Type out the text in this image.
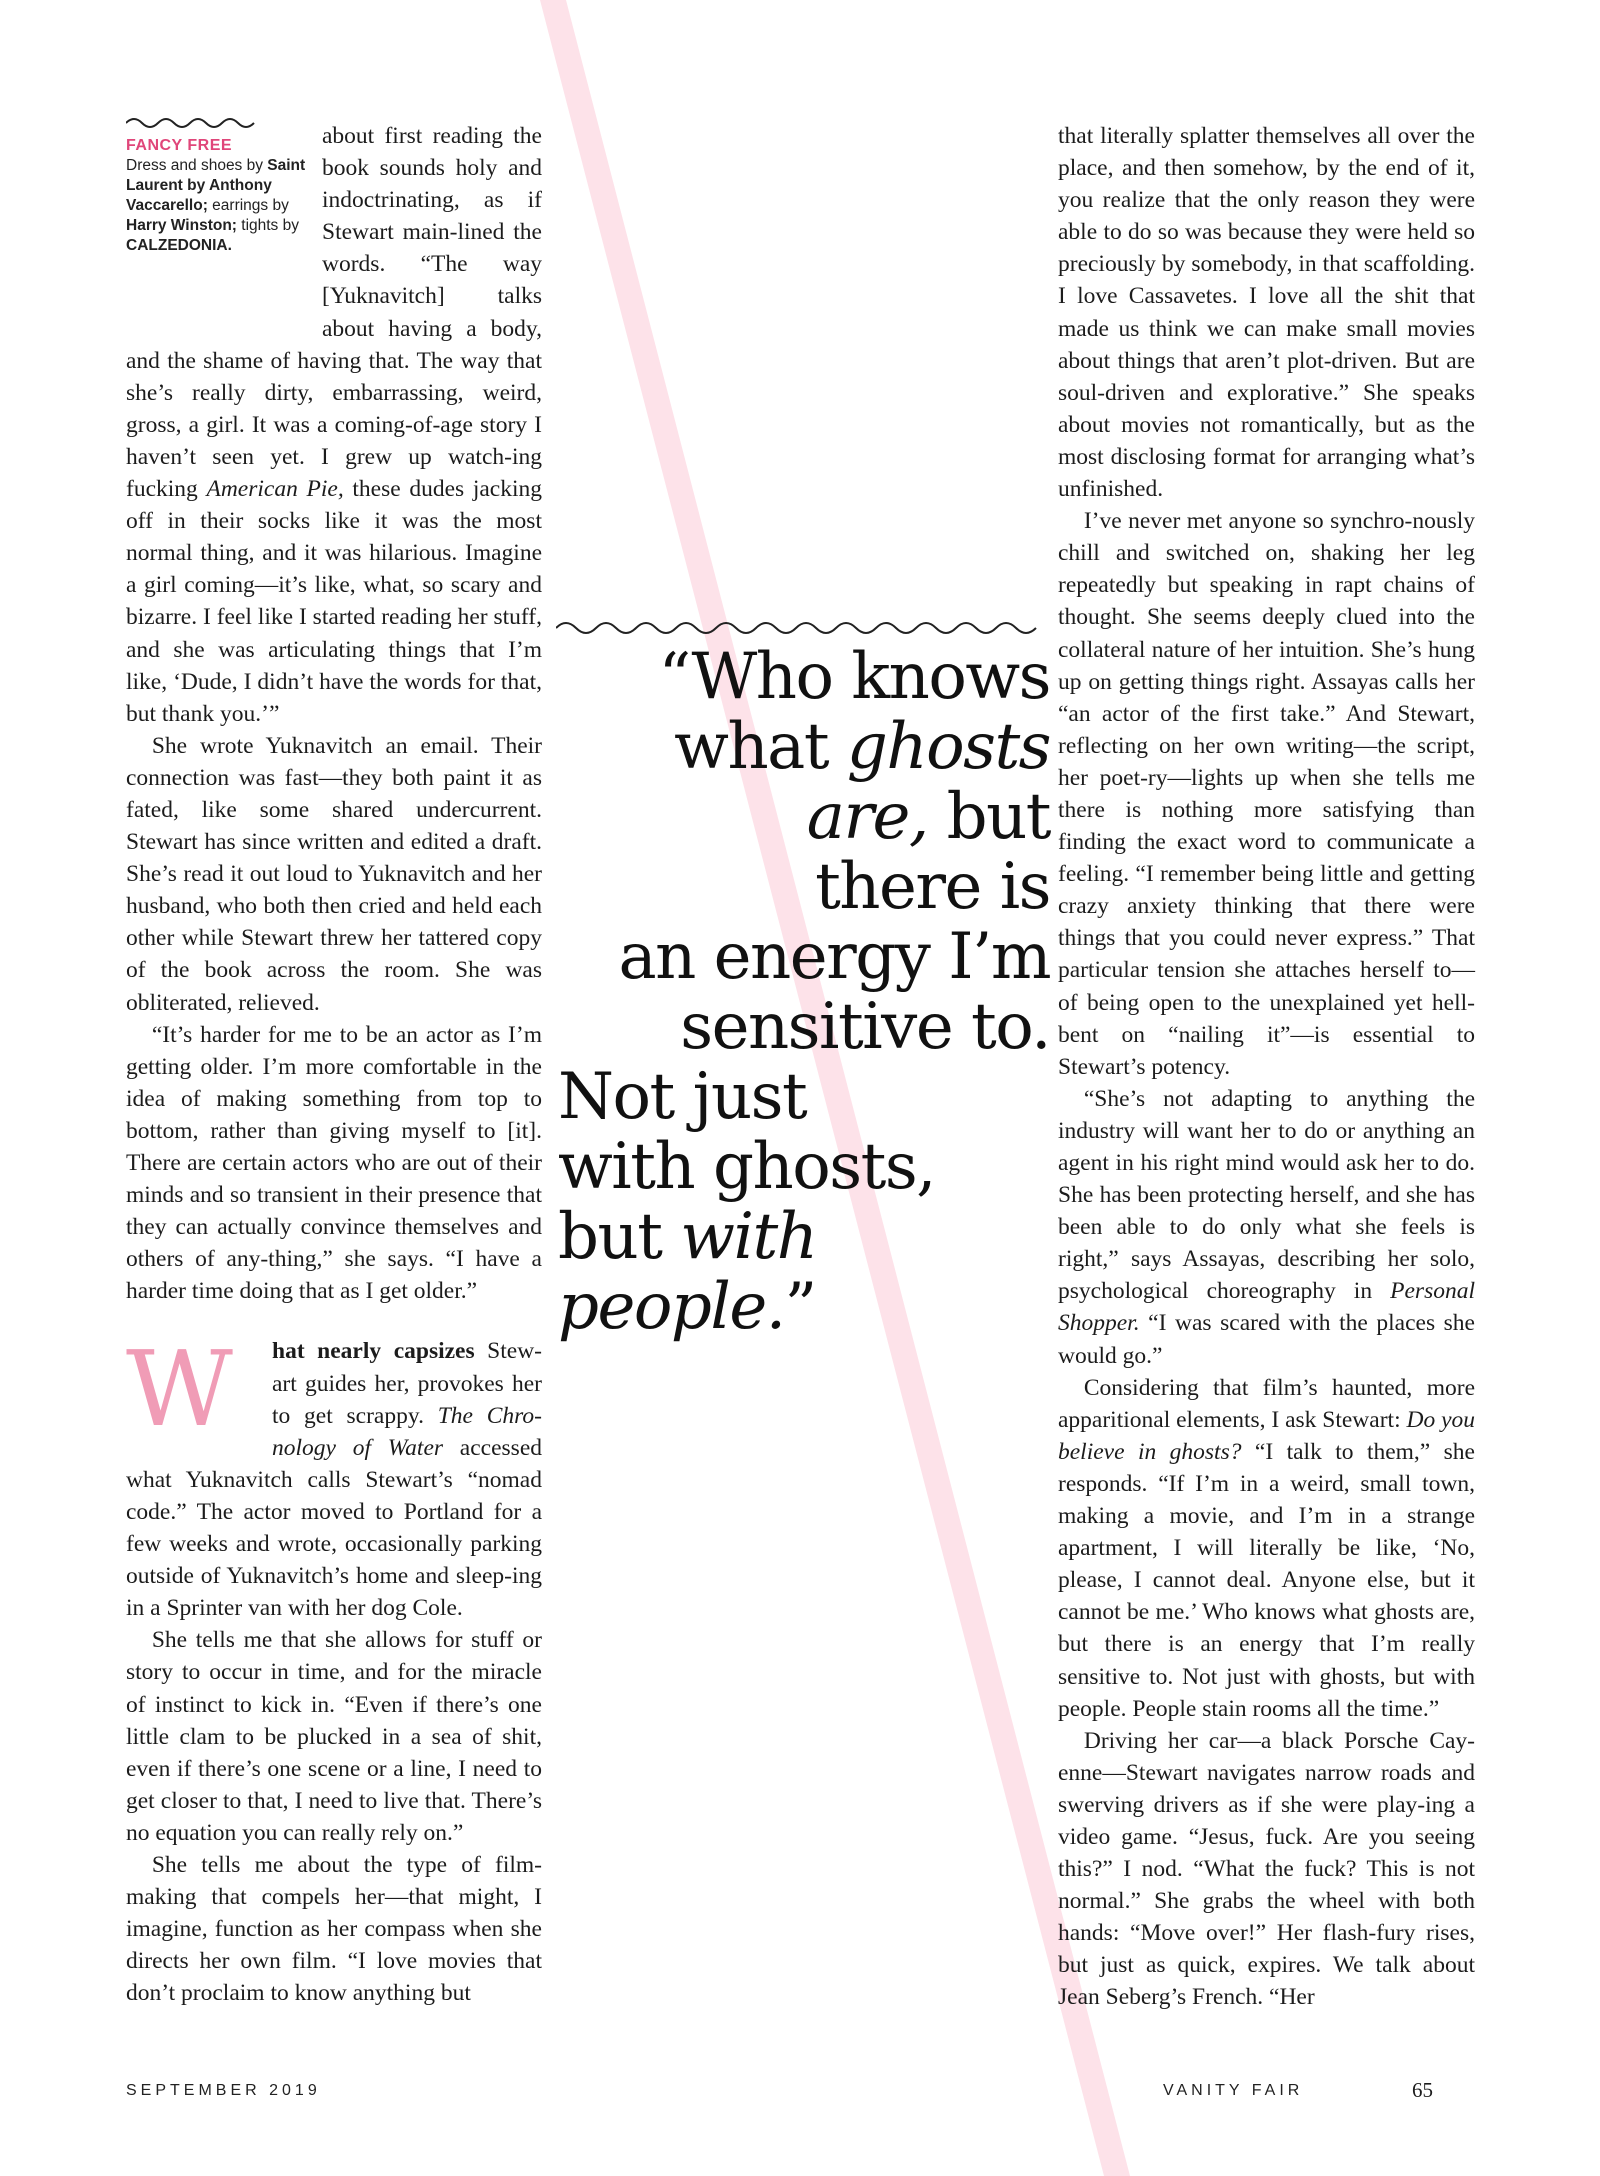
FANCY FREE
Dress and shoes by Saint Laurent by Anthony Vaccarello; earrings by Harry Winston; tights by CALZEDONIA.

about first reading the book sounds holy and indoctrinating, as if Stewart main-lined the words. “The way [Yuknavitch] talks about having a body, and the shame of having that. The way that she’s really dirty, embarrassing, weird, gross, a girl. It was a coming-of-age story I haven’t seen yet. I grew up watch-ing fucking American Pie, these dudes jacking off in their socks like it was the most normal thing, and it was hilarious. Imagine a girl coming—it’s like, what, so scary and bizarre. I feel like I started reading her stuff, and she was articulating things that I’m like, ‘Dude, I didn’t have the words for that, but thank you.’”

She wrote Yuknavitch an email. Their connection was fast—they both paint it as fated, like some shared undercurrent. Stewart has since written and edited a draft. She’s read it out loud to Yuknavitch and her husband, who both then cried and held each other while Stewart threw her tattered copy of the book across the room. She was obliterated, relieved.

“It’s harder for me to be an actor as I’m getting older. I’m more comfortable in the idea of making something from top to bottom, rather than giving myself to [it]. There are certain actors who are out of their minds and so transient in their presence that they can actually convince themselves and others of any-thing,” she says. “I have a harder time doing that as I get older.”

W	hat nearly capsizes Stew-art guides her, provokes her to get scrappy. The Chro-nology of Water accessed what Yuknavitch calls Stewart’s “nomad code.” The actor moved to Portland for a few weeks and wrote, occasionally parking outside of Yuknavitch’s home and sleep-ing in a Sprinter van with her dog Cole.

She tells me that she allows for stuff or story to occur in time, and for the miracle of instinct to kick in. “Even if there’s one little clam to be plucked in a sea of shit, even if there’s one scene or a line, I need to get closer to that, I need to live that. There’s no equation you can really rely on.”

She tells me about the type of film-making that compels her—that might, I imagine, function as her compass when she directs her own film. “I love movies that don’t proclaim to know anything but

“Who knows
what ghosts
are, but
there is
an energy I’m
sensitive to.
Not just
with ghosts,
but with
people.”

that literally splatter themselves all over the place, and then somehow, by the end of it, you realize that the only reason they were able to do so was because they were held so preciously by somebody, in that scaffolding. I love Cassavetes. I love all the shit that made us think we can make small movies about things that aren’t plot-driven. But are soul-driven and explorative.” She speaks about movies not romantically, but as the most disclosing format for arranging what’s unfinished.

I’ve never met anyone so synchro-nously chill and switched on, shaking her leg repeatedly but speaking in rapt chains of thought. She seems deeply clued into the collateral nature of her intuition. She’s hung up on getting things right. Assayas calls her “an actor of the first take.” And Stewart, reflecting on her own writing—the script, her poet-ry—lights up when she tells me there is nothing more satisfying than finding the exact word to communicate a feeling. “I remember being little and getting crazy anxiety thinking that there were things that you could never express.” That particular tension she attaches herself to—of being open to the unexplained yet hell-bent on “nailing it”—is essential to Stewart’s potency.

“She’s not adapting to anything the industry will want her to do or anything an agent in his right mind would ask her to do. She has been protecting herself, and she has been able to do only what she feels is right,” says Assayas, describing her solo, psychological choreography in Personal Shopper. “I was scared with the places she would go.”

Considering that film’s haunted, more apparitional elements, I ask Stewart: Do you believe in ghosts? “I talk to them,” she responds. “If I’m in a weird, small town, making a movie, and I’m in a strange apartment, I will literally be like, ‘No, please, I cannot deal. Anyone else, but it cannot be me.’ Who knows what ghosts are, but there is an energy that I’m really sensitive to. Not just with ghosts, but with people. People stain rooms all the time.”

Driving her car—a black Porsche Cay-enne—Stewart navigates narrow roads and swerving drivers as if she were play-ing a video game. “Jesus, fuck. Are you seeing this?” I nod. “What the fuck? This is not normal.” She grabs the wheel with both hands: “Move over!” Her flash-fury rises, but just as quick, expires. We talk about Jean Seberg’s French. “Her

SEPTEMBER 2019	VANITY FAIR	65
